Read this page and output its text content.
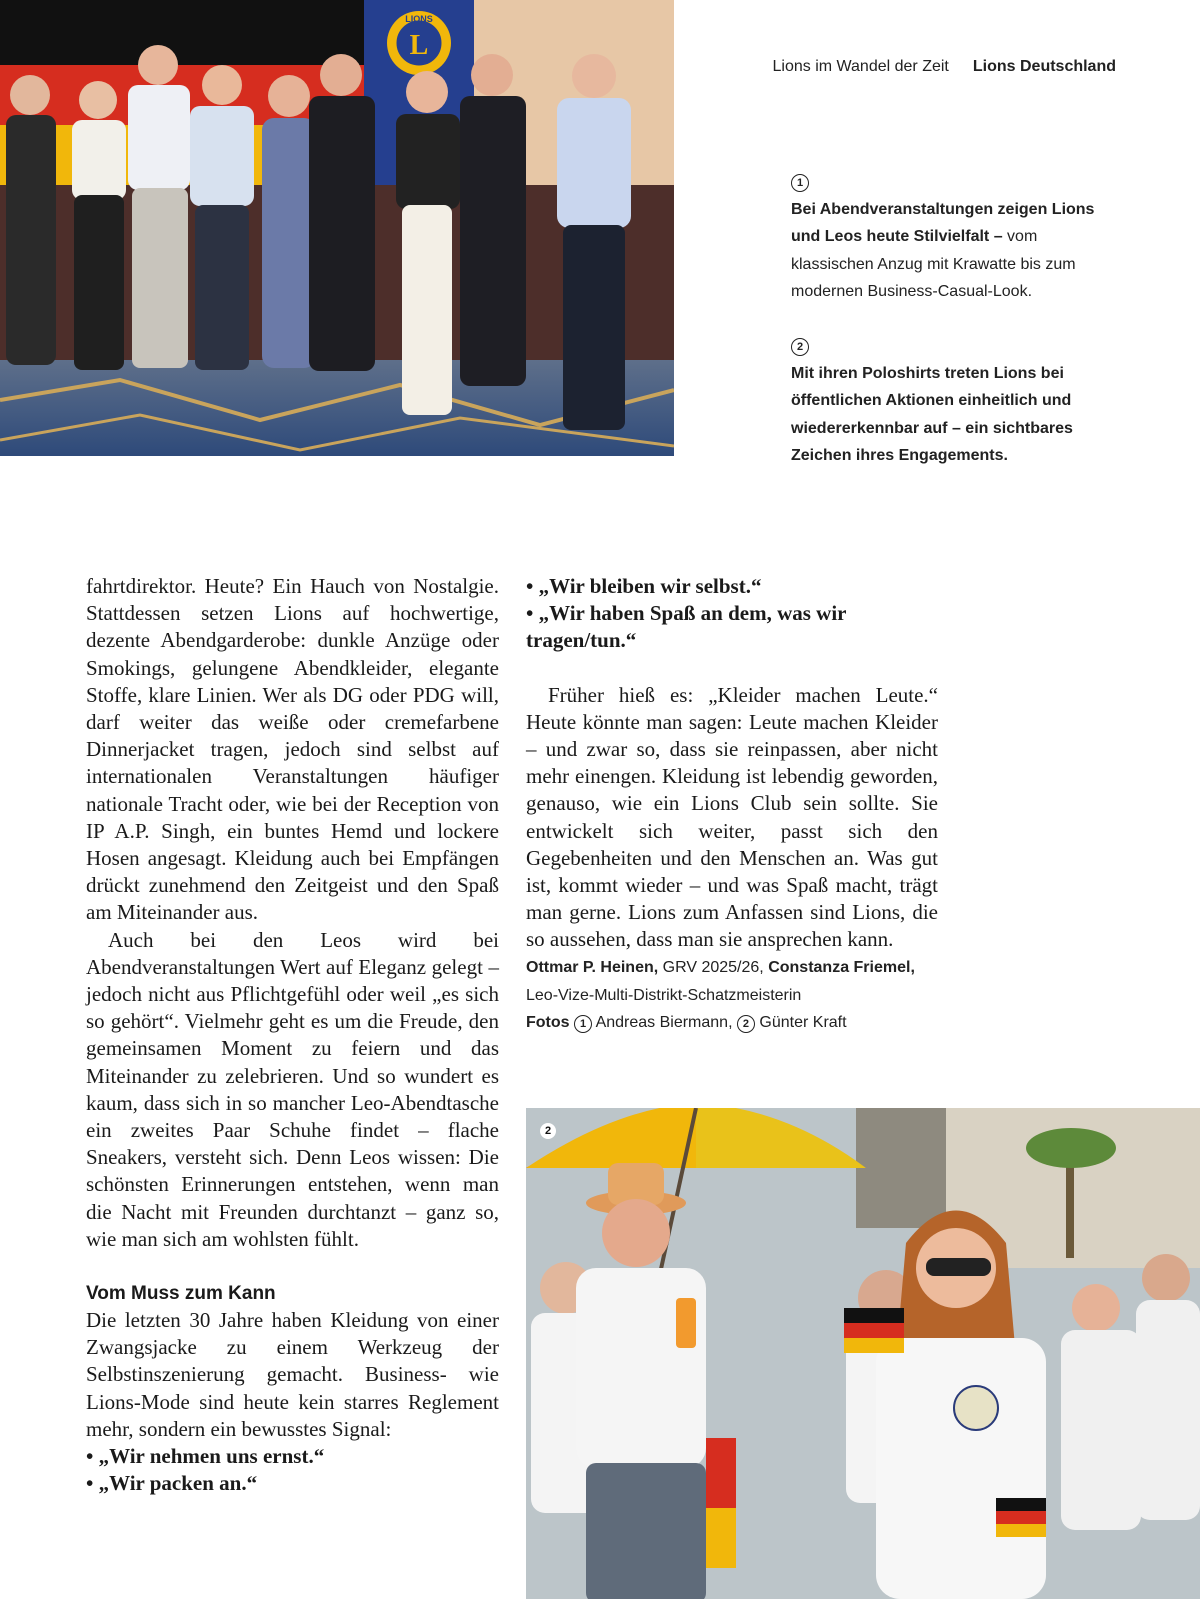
LIONS
L
Lions im Wandel der Zeit Lions Deutschland
1
Bei Abendveranstaltungen zeigen Lions und Leos heute Stilvielfalt – vom klassischen Anzug mit Krawatte bis zum modernen Business-Casual-Look.
2
Mit ihren Poloshirts treten Lions bei öffentlichen Aktionen einheitlich und wiedererkennbar auf – ein sichtbares Zeichen ihres Engagements.

fahrtdirektor. Heute? Ein Hauch von Nostalgie. Stattdessen setzen Lions auf hochwertige, dezente Abendgarderobe: dunkle Anzüge oder Smokings, gelungene Abendkleider, elegante Stoffe, klare Linien. Wer als DG oder PDG will, darf weiter das weiße oder cremefarbene Dinnerjacket tragen, jedoch sind selbst auf internationalen Veranstaltungen häufiger nationale Tracht oder, wie bei der Reception von IP A.P. Singh, ein buntes Hemd und lockere Hosen angesagt. Kleidung auch bei Empfängen drückt zunehmend den Zeitgeist und den Spaß am Miteinander aus.

Auch bei den Leos wird bei Abendveranstaltungen Wert auf Eleganz gelegt – jedoch nicht aus Pflichtgefühl oder weil „es sich so gehört“. Vielmehr geht es um die Freude, den gemeinsamen Moment zu feiern und das Miteinander zu zelebrieren. Und so wundert es kaum, dass sich in so mancher Leo-Abendtasche ein zweites Paar Schuhe findet – flache Sneakers, versteht sich. Denn Leos wissen: Die schönsten Erinnerungen entstehen, wenn man die Nacht mit Freunden durchtanzt – ganz so, wie man sich am wohlsten fühlt.

Vom Muss zum Kann

Die letzten 30 Jahre haben Kleidung von einer Zwangsjacke zu einem Werkzeug der Selbstinszenierung gemacht. Business- wie Lions-Mode sind heute kein starres Reglement mehr, sondern ein bewusstes Signal:

• „Wir nehmen uns ernst.“
• „Wir packen an.“
• „Wir bleiben wir selbst.“
• „Wir haben Spaß an dem, was wir tragen/tun.“

Früher hieß es: „Kleider machen Leute.“ Heute könnte man sagen: Leute machen Kleider – und zwar so, dass sie reinpassen, aber nicht mehr einengen. Kleidung ist lebendig geworden, genauso, wie ein Lions Club sein sollte. Sie entwickelt sich weiter, passt sich den Gegebenheiten und den Menschen an. Was gut ist, kommt wieder – und was Spaß macht, trägt man gerne. Lions zum Anfassen sind Lions, die so aussehen, dass man sie ansprechen kann.

Ottmar P. Heinen, GRV 2025/26, Constanza Friemel, Leo-Vize-Multi-Distrikt-Schatzmeisterin
Fotos 1 Andreas Biermann, 2 Günter Kraft
2
